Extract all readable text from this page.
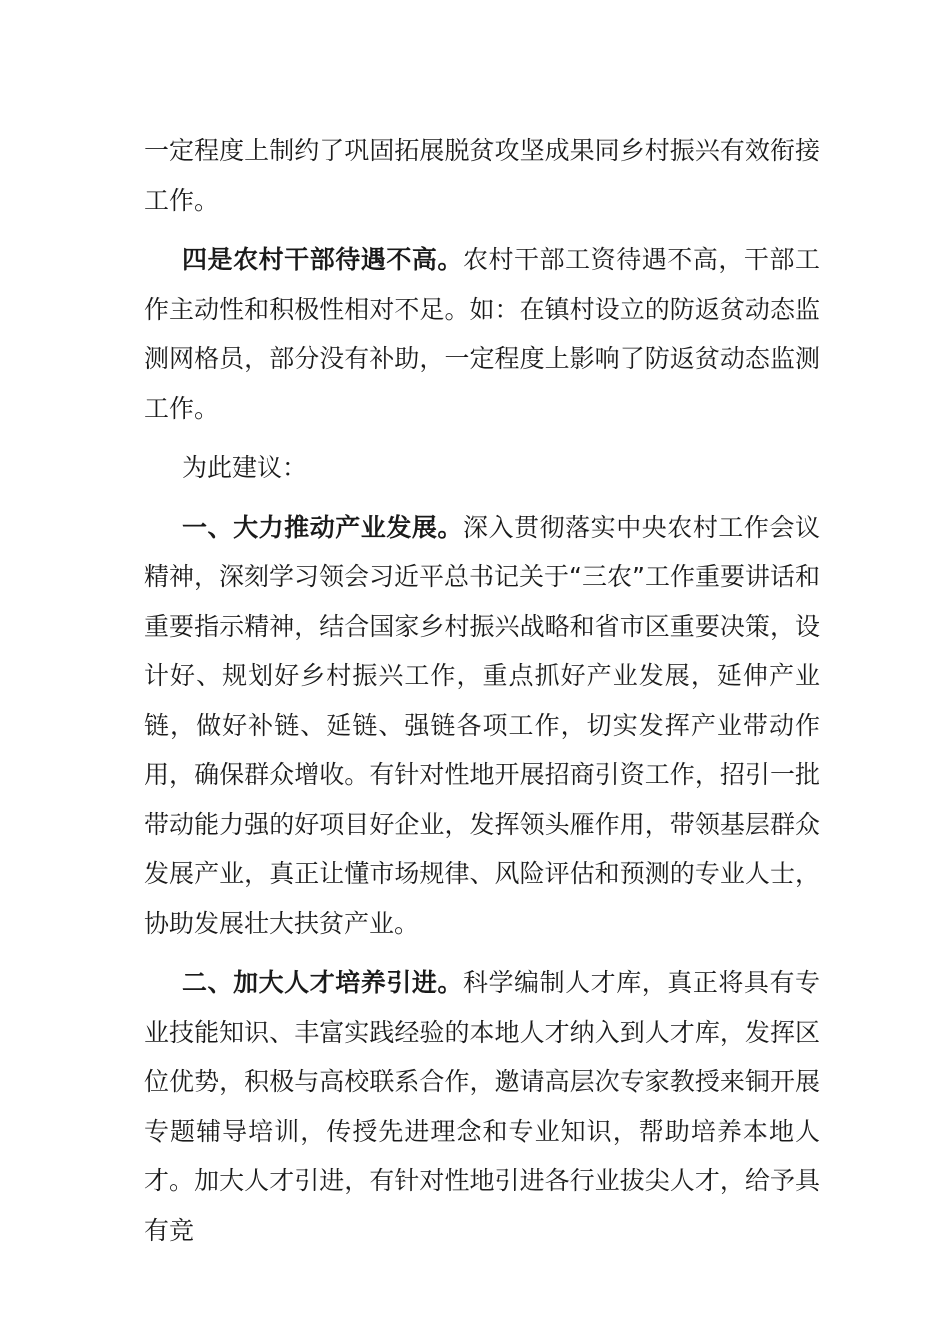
一定程度上制约了巩固拓展脱贫攻坚成果同乡村振兴有效衔接工作。

四是农村干部待遇不高。农村干部工资待遇不高，干部工作主动性和积极性相对不足。如：在镇村设立的防返贫动态监测网格员，部分没有补助，一定程度上影响了防返贫动态监测工作。

为此建议：

一、大力推动产业发展。深入贯彻落实中央农村工作会议精神，深刻学习领会习近平总书记关于“三农”工作重要讲话和重要指示精神，结合国家乡村振兴战略和省市区重要决策，设计好、规划好乡村振兴工作，重点抓好产业发展，延伸产业链，做好补链、延链、强链各项工作，切实发挥产业带动作用，确保群众增收。有针对性地开展招商引资工作，招引一批带动能力强的好项目好企业，发挥领头雁作用，带领基层群众发展产业，真正让懂市场规律、风险评估和预测的专业人士，协助发展壮大扶贫产业。

二、加大人才培养引进。科学编制人才库，真正将具有专业技能知识、丰富实践经验的本地人才纳入到人才库，发挥区位优势，积极与高校联系合作，邀请高层次专家教授来铜开展专题辅导培训，传授先进理念和专业知识，帮助培养本地人才。加大人才引进，有针对性地引进各行业拔尖人才，给予具有竞
